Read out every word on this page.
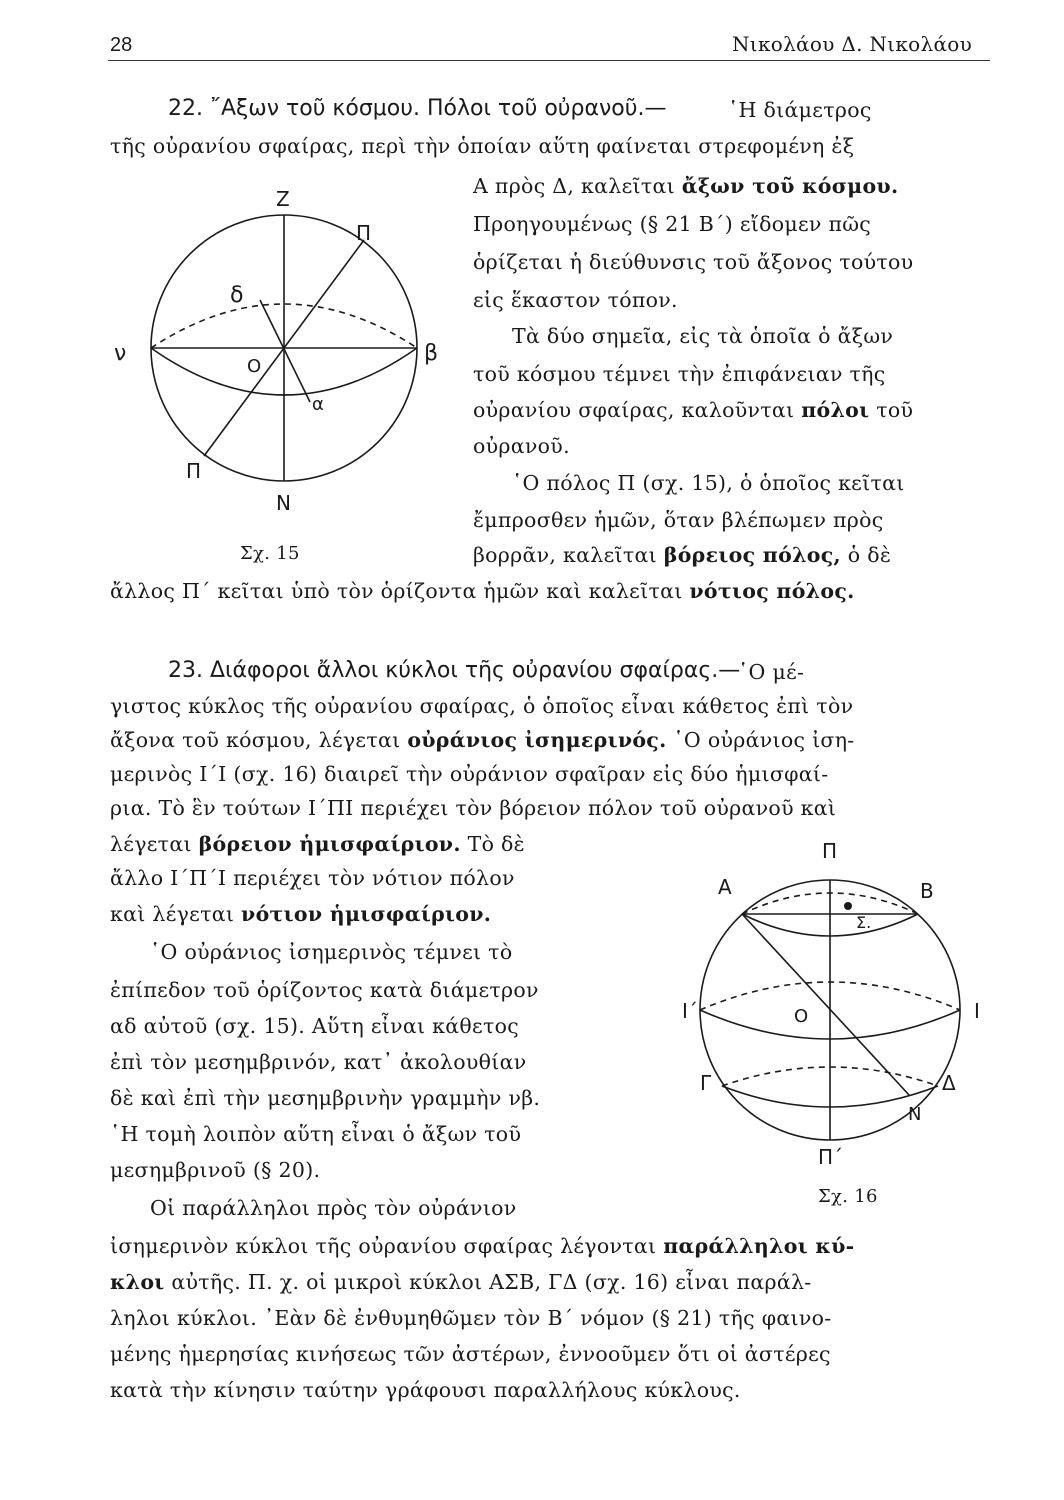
28	Νικολάου Δ. Νικολάου
22. ῎Αξων τοῦ κόσμου. Πόλοι τοῦ οὐρανοῦ.—	῾Η διάμετρος
τῆς οὐρανίου σφαίρας, περὶ τὴν ὁποίαν αὕτη φαίνεται στρεφομένη ἐξ
Α πρὸς Δ, καλεῖται ἄξων τοῦ κόσμου.
Προηγουμένως (§ 21 Β΄) εἴδομεν πῶς
ὁρίζεται ἡ διεύθυνσις τοῦ ἄξονος τούτου
εἰς ἕκαστον τόπον.
Τὰ δύο σημεῖα, εἰς τὰ ὁποῖα ὁ ἄξων
τοῦ κόσμου τέμνει τὴν ἐπιφάνειαν τῆς
οὐρανίου σφαίρας, καλοῦνται πόλοι τοῦ
οὐρανοῦ.
῾Ο πόλος Π (σχ. 15), ὁ ὁποῖος κεῖται
ἔμπροσθεν ἡμῶν, ὅταν βλέπωμεν πρὸς
βορρᾶν, καλεῖται βόρειος πόλος, ὁ δὲ
ἄλλος Π΄ κεῖται ὑπὸ τὸν ὁρίζοντα ἡμῶν καὶ καλεῖται νότιος πόλος.
Z
Π
δ
ν	β
O
α
Π
N
Σχ. 15
23. Διάφοροι ἄλλοι κύκλοι τῆς οὐρανίου σφαίρας.—
῾Ο μέ-
γιστος κύκλος τῆς οὐρανίου σφαίρας, ὁ ὁποῖος εἶναι κάθετος ἐπὶ τὸν
ἄξονα τοῦ κόσμου, λέγεται οὐράνιος ἰσημερινός. ῾Ο οὐράνιος ἰση-
μερινὸς Ι΄Ι (σχ. 16) διαιρεῖ τὴν οὐράνιον σφαῖραν εἰς δύο ἡμισφαί-
ρια. Τὸ ἓν τούτων Ι΄ΠΙ περιέχει τὸν βόρειον πόλον τοῦ οὐρανοῦ καὶ
λέγεται βόρειον ἡμισφαίριον. Τὸ δὲ
ἄλλο Ι΄Π΄Ι περιέχει τὸν νότιον πόλον
καὶ λέγεται νότιον ἡμισφαίριον.
῾Ο οὐράνιος ἰσημερινὸς τέμνει τὸ
ἐπίπεδον τοῦ ὁρίζοντος κατὰ διάμετρον
αδ αὐτοῦ (σχ. 15). Αὕτη εἶναι κάθετος
ἐπὶ τὸν μεσημβρινόν, κατ᾽ ἀκολουθίαν
δὲ καὶ ἐπὶ τὴν μεσημβρινὴν γραμμὴν νβ.
῾Η τομὴ λοιπὸν αὕτη εἶναι ὁ ἄξων τοῦ
μεσημβρινοῦ (§ 20).
Οἱ παράλληλοι πρὸς τὸν οὐράνιον
ἰσημερινὸν κύκλοι τῆς οὐρανίου σφαίρας λέγονται παράλληλοι κύ-
κλοι αὐτῆς. Π. χ. οἱ μικροὶ κύκλοι ΑΣΒ, ΓΔ (σχ. 16) εἶναι παράλ-
ληλοι κύκλοι. ᾽Εὰν δὲ ἐνθυμηθῶμεν τὸν Β΄ νόμον (§ 21) τῆς φαινο-
μένης ἡμερησίας κινήσεως τῶν ἀστέρων, ἐννοοῦμεν ὅτι οἱ ἀστέρες
κατὰ τὴν κίνησιν ταύτην γράφουσι παραλλήλους κύκλους.
Π
Α	Β
Σ.
Ι΄	Ι
O
Γ	Δ
N
Π΄
Σχ. 16
